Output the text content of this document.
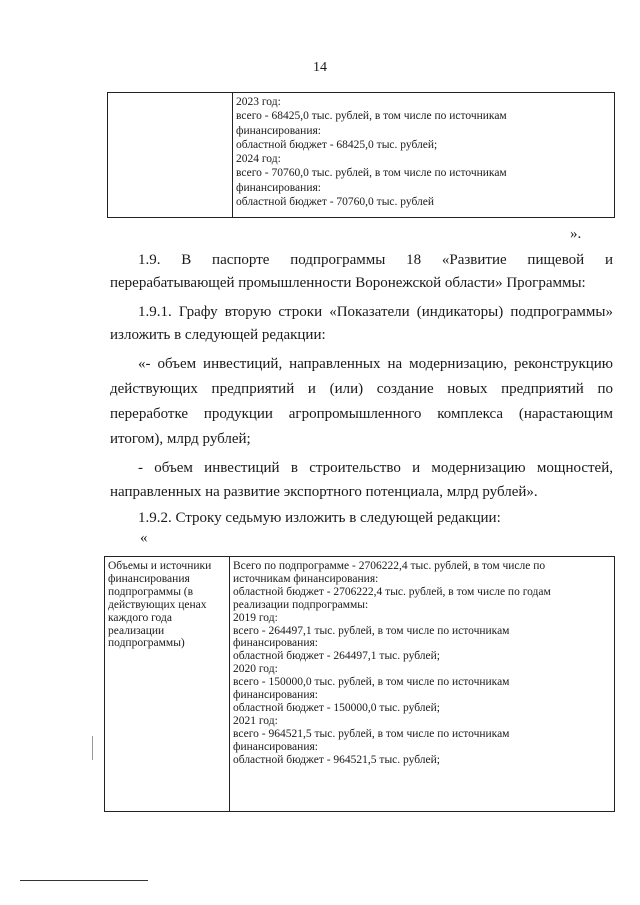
14

2023 год:
всего - 68425,0 тыс. рублей, в том числе по источникам
финансирования:
областной бюджет - 68425,0 тыс. рублей;
2024 год:
всего - 70760,0 тыс. рублей, в том числе по источникам
финансирования:
областной бюджет - 70760,0 тыс. рублей
».

1.9. В паспорте подпрограммы 18 «Развитие пищевой и

перерабатывающей промышленности Воронежской области» Программы:

1.9.1. Графу вторую строки «Показатели (индикаторы) подпрограммы»

изложить в следующей редакции:

«- объем инвестиций, направленных на модернизацию, реконструкцию

действующих предприятий и (или) создание новых предприятий по

переработке продукции агропромышленного комплекса (нарастающим

итогом), млрд рублей;

- объем инвестиций в строительство и модернизацию мощностей,

направленных на развитие экспортного потенциала, млрд рублей».

1.9.2. Строку седьмую изложить в следующей редакции:

«
Объемы и источники
финансирования
подпрограммы (в
действующих ценах
каждого года
реализации
подпрограммы)

Всего по подпрограмме - 2706222,4 тыс. рублей, в том числе по
источникам финансирования:
областной бюджет - 2706222,4 тыс. рублей, в том числе по годам
реализации подпрограммы:
2019 год:
всего - 264497,1 тыс. рублей, в том числе по источникам
финансирования:
областной бюджет - 264497,1 тыс. рублей;
2020 год:
всего - 150000,0 тыс. рублей, в том числе по источникам
финансирования:
областной бюджет - 150000,0 тыс. рублей;
2021 год:
всего - 964521,5 тыс. рублей, в том числе по источникам
финансирования:
областной бюджет - 964521,5 тыс. рублей;
